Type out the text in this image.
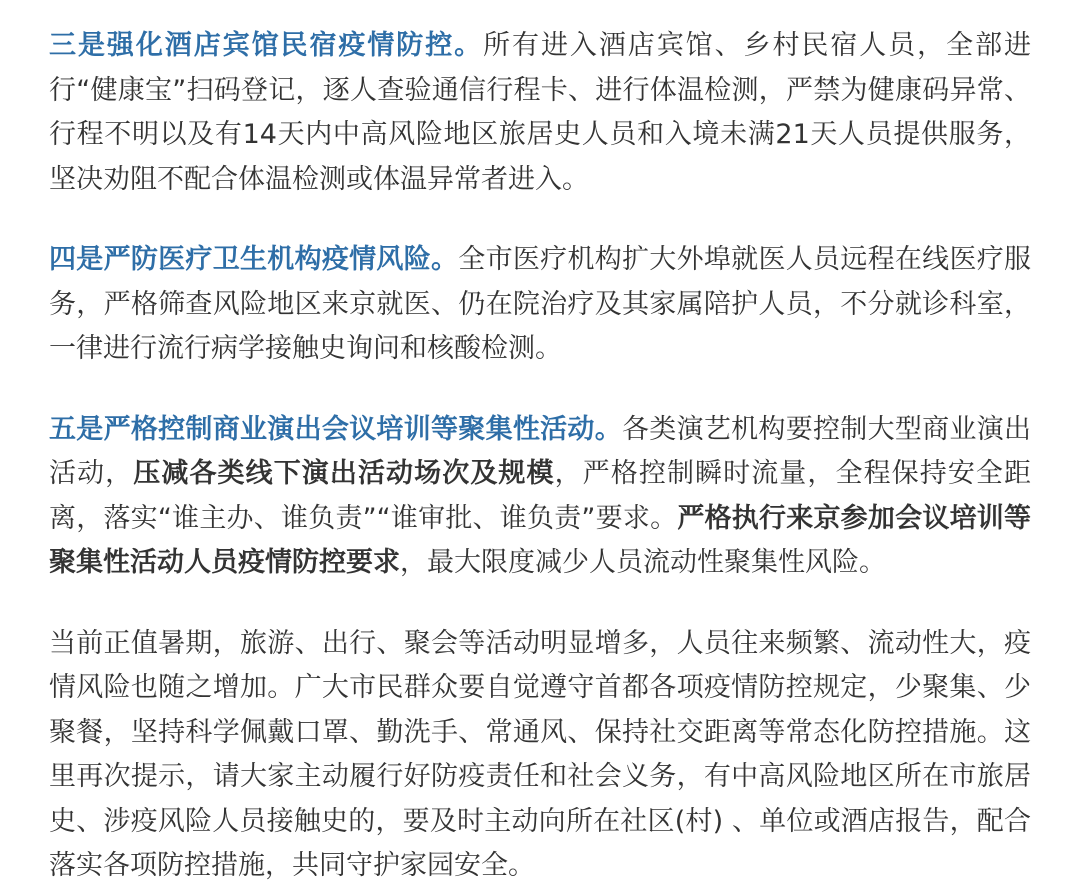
三是强化酒店宾馆民宿疫情防控。所有进入酒店宾馆、乡村民宿人员，全部进行“健康宝”扫码登记，逐人查验通信行程卡、进行体温检测，严禁为健康码异常、行程不明以及有14天内中高风险地区旅居史人员和入境未满21天人员提供服务，坚决劝阻不配合体温检测或体温异常者进入。

四是严防医疗卫生机构疫情风险。全市医疗机构扩大外埠就医人员远程在线医疗服务，严格筛查风险地区来京就医、仍在院治疗及其家属陪护人员，不分就诊科室，一律进行流行病学接触史询问和核酸检测。

五是严格控制商业演出会议培训等聚集性活动。各类演艺机构要控制大型商业演出活动，压减各类线下演出活动场次及规模，严格控制瞬时流量，全程保持安全距离，落实“谁主办、谁负责”“谁审批、谁负责”要求。严格执行来京参加会议培训等聚集性活动人员疫情防控要求，最大限度减少人员流动性聚集性风险。

当前正值暑期，旅游、出行、聚会等活动明显增多，人员往来频繁、流动性大，疫情风险也随之增加。广大市民群众要自觉遵守首都各项疫情防控规定，少聚集、少聚餐，坚持科学佩戴口罩、勤洗手、常通风、保持社交距离等常态化防控措施。这里再次提示，请大家主动履行好防疫责任和社会义务，有中高风险地区所在市旅居史、涉疫风险人员接触史的，要及时主动向所在社区(村) 、单位或酒店报告，配合落实各项防控措施，共同守护家园安全。
